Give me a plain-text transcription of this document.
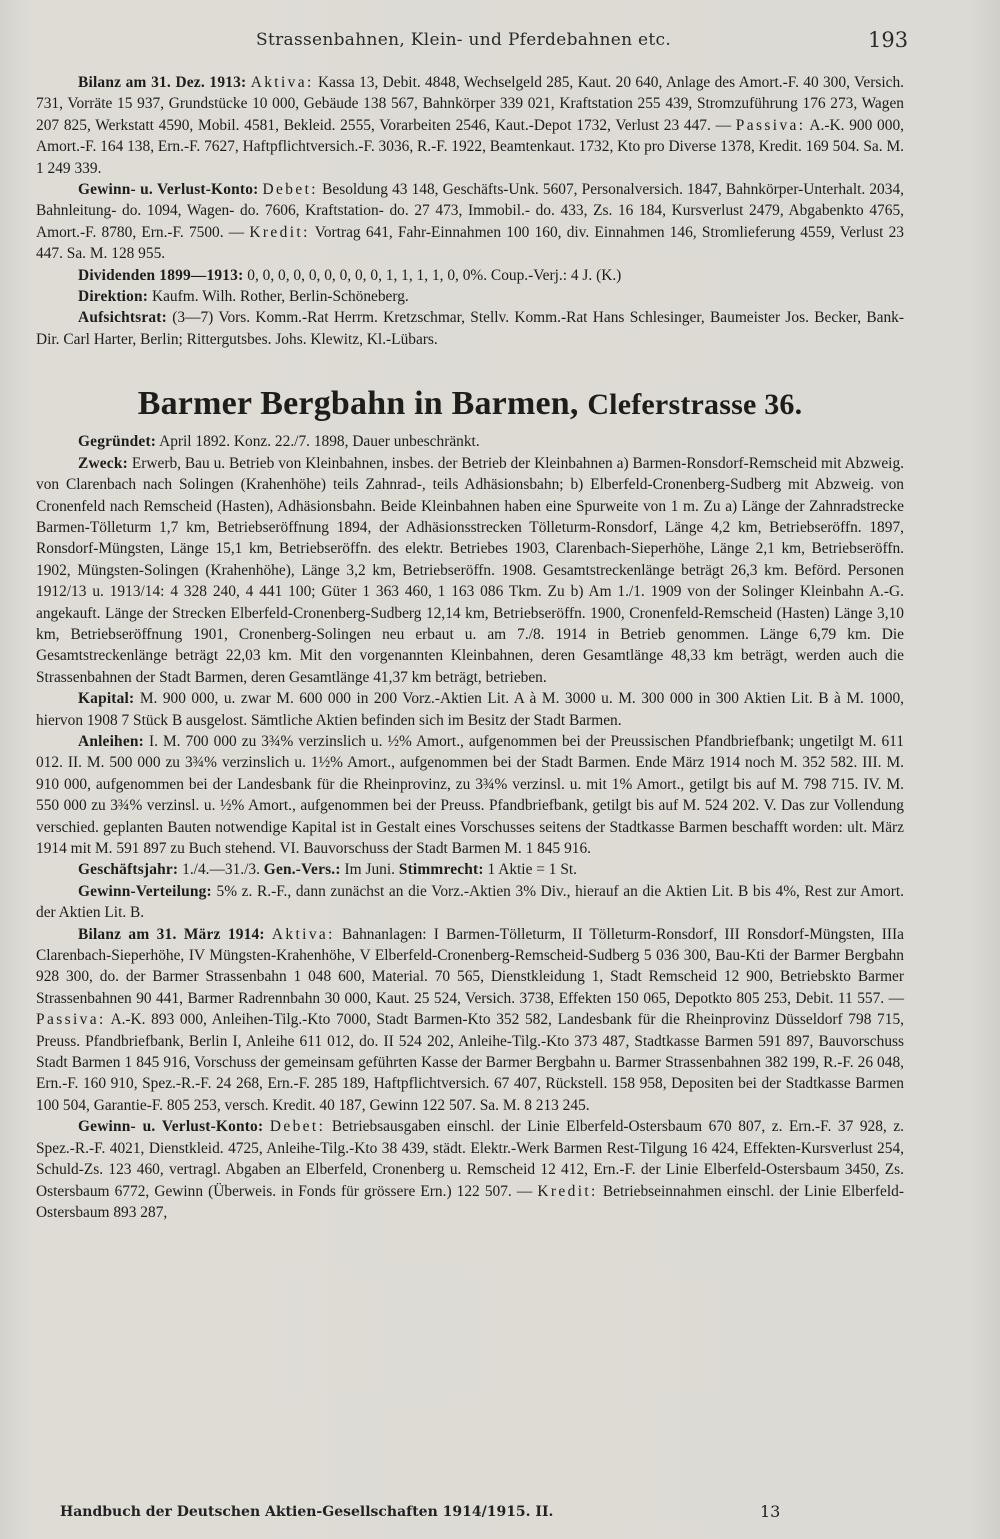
Strassenbahnen, Klein- und Pferdebahnen etc.	193

Bilanz am 31. Dez. 1913: Aktiva: Kassa 13, Debit. 4848, Wechselgeld 285, Kaut. 20 640, Anlage des Amort.-F. 40 300, Versich. 731, Vorräte 15 937, Grundstücke 10 000, Gebäude 138 567, Bahnkörper 339 021, Kraftstation 255 439, Stromzuführung 176 273, Wagen 207 825, Werkstatt 4590, Mobil. 4581, Bekleid. 2555, Vorarbeiten 2546, Kaut.-Depot 1732, Verlust 23 447. — Passiva: A.-K. 900 000, Amort.-F. 164 138, Ern.-F. 7627, Haftpflichtversich.-F. 3036, R.-F. 1922, Beamtenkaut. 1732, Kto pro Diverse 1378, Kredit. 169 504. Sa. M. 1 249 339.

Gewinn- u. Verlust-Konto: Debet: Besoldung 43 148, Geschäfts-Unk. 5607, Personalversich. 1847, Bahnkörper-Unterhalt. 2034, Bahnleitung- do. 1094, Wagen- do. 7606, Kraftstation- do. 27 473, Immobil.- do. 433, Zs. 16 184, Kursverlust 2479, Abgabenkto 4765, Amort.-F. 8780, Ern.-F. 7500. — Kredit: Vortrag 641, Fahr-Einnahmen 100 160, div. Einnahmen 146, Stromlieferung 4559, Verlust 23 447. Sa. M. 128 955.

Dividenden 1899—1913: 0, 0, 0, 0, 0, 0, 0, 0, 0, 1, 1, 1, 1, 0, 0%. Coup.-Verj.: 4 J. (K.)

Direktion: Kaufm. Wilh. Rother, Berlin-Schöneberg.

Aufsichtsrat: (3—7) Vors. Komm.-Rat Herrm. Kretzschmar, Stellv. Komm.-Rat Hans Schlesinger, Baumeister Jos. Becker, Bank-Dir. Carl Harter, Berlin; Rittergutsbes. Johs. Klewitz, Kl.-Lübars.

Barmer Bergbahn in Barmen, Cleferstrasse 36.

Gegründet: April 1892. Konz. 22./7. 1898, Dauer unbeschränkt.

Zweck: Erwerb, Bau u. Betrieb von Kleinbahnen, insbes. der Betrieb der Kleinbahnen a) Barmen-Ronsdorf-Remscheid mit Abzweig. von Clarenbach nach Solingen (Krahenhöhe) teils Zahnrad-, teils Adhäsionsbahn; b) Elberfeld-Cronenberg-Sudberg mit Abzweig. von Cronenfeld nach Remscheid (Hasten), Adhäsionsbahn. Beide Kleinbahnen haben eine Spurweite von 1 m. Zu a) Länge der Zahnradstrecke Barmen-Tölleturm 1,7 km, Betriebseröffnung 1894, der Adhäsionsstrecken Tölleturm-Ronsdorf, Länge 4,2 km, Betriebseröffn. 1897, Ronsdorf-Müngsten, Länge 15,1 km, Betriebseröffn. des elektr. Betriebes 1903, Clarenbach-Sieperhöhe, Länge 2,1 km, Betriebseröffn. 1902, Müngsten-Solingen (Krahenhöhe), Länge 3,2 km, Betriebseröffn. 1908. Gesamtstreckenlänge beträgt 26,3 km. Beförd. Personen 1912/13 u. 1913/14: 4 328 240, 4 441 100; Güter 1 363 460, 1 163 086 Tkm. Zu b) Am 1./1. 1909 von der Solinger Kleinbahn A.-G. angekauft. Länge der Strecken Elberfeld-Cronenberg-Sudberg 12,14 km, Betriebseröffn. 1900, Cronenfeld-Remscheid (Hasten) Länge 3,10 km, Betriebseröffnung 1901, Cronenberg-Solingen neu erbaut u. am 7./8. 1914 in Betrieb genommen. Länge 6,79 km. Die Gesamtstreckenlänge beträgt 22,03 km. Mit den vorgenannten Kleinbahnen, deren Gesamtlänge 48,33 km beträgt, werden auch die Strassenbahnen der Stadt Barmen, deren Gesamtlänge 41,37 km beträgt, betrieben.

Kapital: M. 900 000, u. zwar M. 600 000 in 200 Vorz.-Aktien Lit. A à M. 3000 u. M. 300 000 in 300 Aktien Lit. B à M. 1000, hiervon 1908 7 Stück B ausgelost. Sämtliche Aktien befinden sich im Besitz der Stadt Barmen.

Anleihen: I. M. 700 000 zu 3¾% verzinslich u. ½% Amort., aufgenommen bei der Preussischen Pfandbriefbank; ungetilgt M. 611 012. II. M. 500 000 zu 3¾% verzinslich u. 1½% Amort., aufgenommen bei der Stadt Barmen. Ende März 1914 noch M. 352 582. III. M. 910 000, aufgenommen bei der Landesbank für die Rheinprovinz, zu 3¾% verzinsl. u. mit 1% Amort., getilgt bis auf M. 798 715. IV. M. 550 000 zu 3¾% verzinsl. u. ½% Amort., aufgenommen bei der Preuss. Pfandbriefbank, getilgt bis auf M. 524 202. V. Das zur Vollendung verschied. geplanten Bauten notwendige Kapital ist in Gestalt eines Vorschusses seitens der Stadtkasse Barmen beschafft worden: ult. März 1914 mit M. 591 897 zu Buch stehend. VI. Bauvorschuss der Stadt Barmen M. 1 845 916.

Geschäftsjahr: 1./4.—31./3. Gen.-Vers.: Im Juni. Stimmrecht: 1 Aktie = 1 St.

Gewinn-Verteilung: 5% z. R.-F., dann zunächst an die Vorz.-Aktien 3% Div., hierauf an die Aktien Lit. B bis 4%, Rest zur Amort. der Aktien Lit. B.

Bilanz am 31. März 1914: Aktiva: Bahnanlagen: I Barmen-Tölleturm, II Tölleturm-Ronsdorf, III Ronsdorf-Müngsten, IIIa Clarenbach-Sieperhöhe, IV Müngsten-Krahenhöhe, V Elberfeld-Cronenberg-Remscheid-Sudberg 5 036 300, Bau-Kti der Barmer Bergbahn 928 300, do. der Barmer Strassenbahn 1 048 600, Material. 70 565, Dienstkleidung 1, Stadt Remscheid 12 900, Betriebskto Barmer Strassenbahnen 90 441, Barmer Radrennbahn 30 000, Kaut. 25 524, Versich. 3738, Effekten 150 065, Depotkto 805 253, Debit. 11 557. — Passiva: A.-K. 893 000, Anleihen-Tilg.-Kto 7000, Stadt Barmen-Kto 352 582, Landesbank für die Rheinprovinz Düsseldorf 798 715, Preuss. Pfandbriefbank, Berlin I, Anleihe 611 012, do. II 524 202, Anleihe-Tilg.-Kto 373 487, Stadtkasse Barmen 591 897, Bauvorschuss Stadt Barmen 1 845 916, Vorschuss der gemeinsam geführten Kasse der Barmer Bergbahn u. Barmer Strassenbahnen 382 199, R.-F. 26 048, Ern.-F. 160 910, Spez.-R.-F. 24 268, Ern.-F. 285 189, Haftpflichtversich. 67 407, Rückstell. 158 958, Depositen bei der Stadtkasse Barmen 100 504, Garantie-F. 805 253, versch. Kredit. 40 187, Gewinn 122 507. Sa. M. 8 213 245.

Gewinn- u. Verlust-Konto: Debet: Betriebsausgaben einschl. der Linie Elberfeld-Ostersbaum 670 807, z. Ern.-F. 37 928, z. Spez.-R.-F. 4021, Dienstkleid. 4725, Anleihe-Tilg.-Kto 38 439, städt. Elektr.-Werk Barmen Rest-Tilgung 16 424, Effekten-Kursverlust 254, Schuld-Zs. 123 460, vertragl. Abgaben an Elberfeld, Cronenberg u. Remscheid 12 412, Ern.-F. der Linie Elberfeld-Ostersbaum 3450, Zs. Ostersbaum 6772, Gewinn (Überweis. in Fonds für grössere Ern.) 122 507. — Kredit: Betriebseinnahmen einschl. der Linie Elberfeld-Ostersbaum 893 287,

Handbuch der Deutschen Aktien-Gesellschaften 1914/1915. II.	13
